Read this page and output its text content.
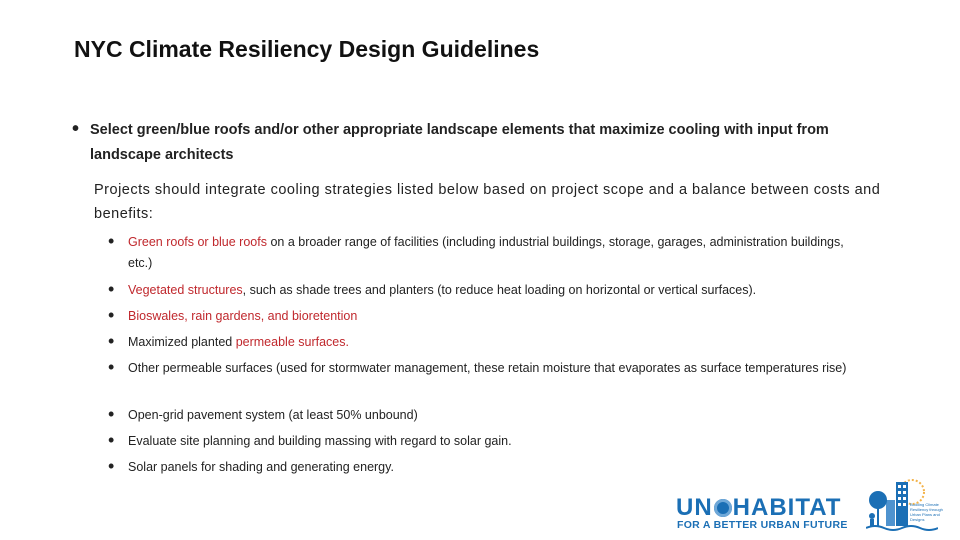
NYC Climate Resiliency Design Guidelines
• Select green/blue roofs and/or other appropriate landscape elements that maximize cooling with input from landscape architects
Projects should integrate cooling strategies listed below based on project scope and a balance between costs and benefits:
• Green roofs or blue roofs on a broader range of facilities (including industrial buildings, storage, garages, administration buildings, etc.)
• Vegetated structures, such as shade trees and planters (to reduce heat loading on horizontal or vertical surfaces).
• Bioswales, rain gardens, and bioretention
• Maximized planted permeable surfaces.
• Other permeable surfaces (used for stormwater management, these retain moisture that evaporates as surface temperatures rise)
• Open-grid pavement system (at least 50% unbound)
• Evaluate site planning and building massing with regard to solar gain.
• Solar panels for shading and generating energy.
UN HABITAT
FOR A BETTER URBAN FUTURE
Building Climate Resiliency through Urban Plans and Designs
